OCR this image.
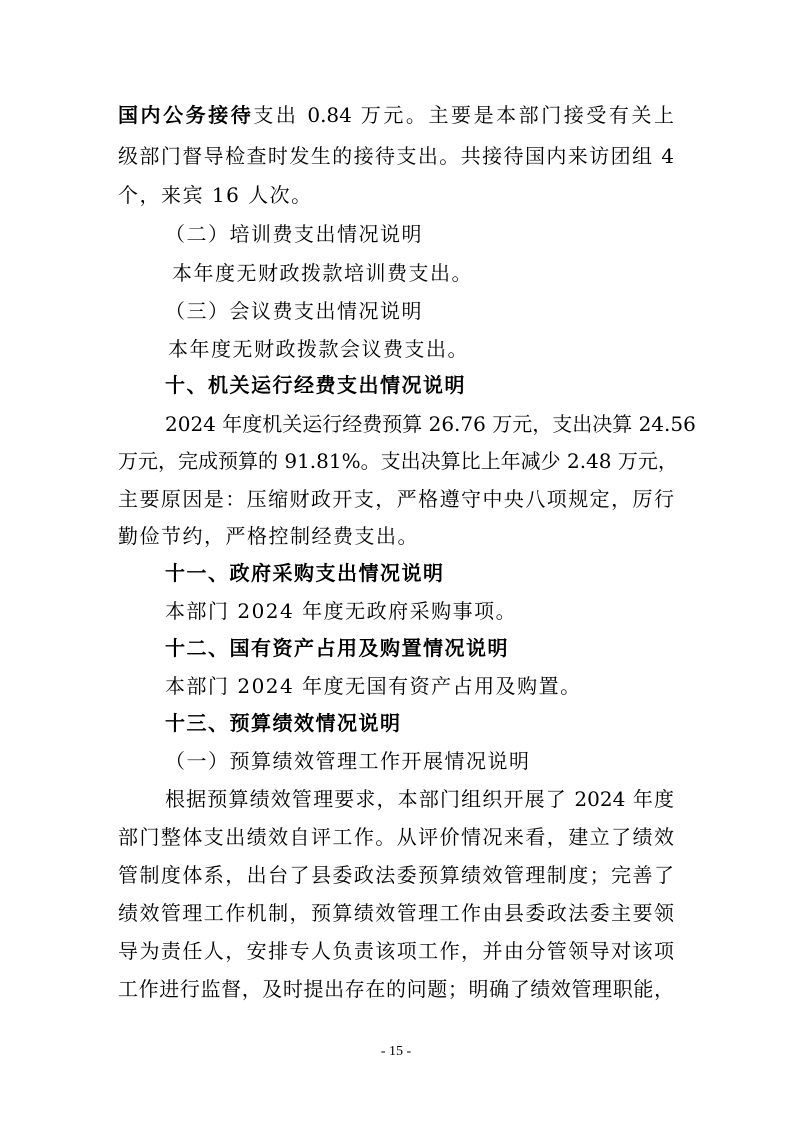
国内公务接待支出 0.84 万元。主要是本部门接受有关上

级部门督导检查时发生的接待支出。共接待国内来访团组 4

个，来宾 16 人次。

（二）培训费支出情况说明

本年度无财政拨款培训费支出。

（三）会议费支出情况说明

本年度无财政拨款会议费支出。

十、机关运行经费支出情况说明

2024 年度机关运行经费预算 26.76 万元，支出决算 24.56

万元，完成预算的 91.81%。支出决算比上年减少 2.48 万元，

主要原因是：压缩财政开支，严格遵守中央八项规定，厉行

勤俭节约，严格控制经费支出。

十一、政府采购支出情况说明

本部门 2024 年度无政府采购事项。

十二、国有资产占用及购置情况说明

本部门 2024 年度无国有资产占用及购置。

十三、预算绩效情况说明

（一）预算绩效管理工作开展情况说明

根据预算绩效管理要求，本部门组织开展了 2024 年度

部门整体支出绩效自评工作。从评价情况来看，建立了绩效

管制度体系，出台了县委政法委预算绩效管理制度；完善了

绩效管理工作机制，预算绩效管理工作由县委政法委主要领

导为责任人，安排专人负责该项工作，并由分管领导对该项

工作进行监督，及时提出存在的问题；明确了绩效管理职能，

- 15 -
